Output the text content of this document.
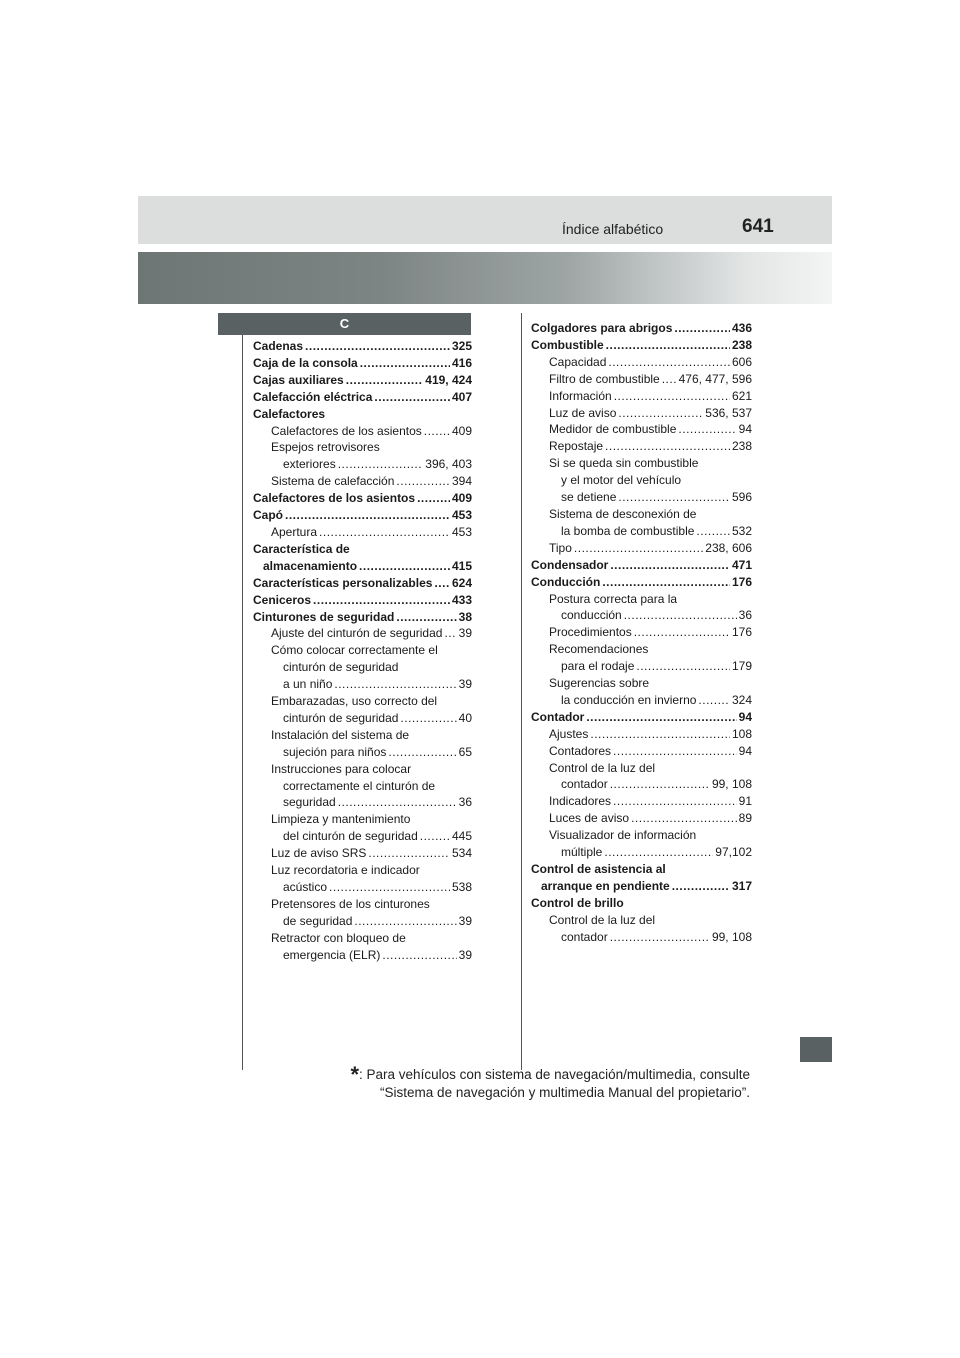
Índice alfabético	641
C
Cadenas .....	325
Caja de la consola .....	416
Cajas auxiliares .....	419, 424
Calefacción eléctrica .....	407
Calefactores
Calefactores de los asientos .....	409
Espejos retrovisores
exteriores .....	396, 403
Sistema de calefacción .....	394
Calefactores de los asientos .....	409
Capó .....	453
Apertura .....	453
Característica de
almacenamiento .....	415
Características personalizables ..... 624
Ceniceros .....	433
Cinturones de seguridad .....	38
Ajuste del cinturón de seguridad ..... 39
Cómo colocar correctamente el
cinturón de seguridad
a un niño .....	39
Embarazadas, uso correcto del
cinturón de seguridad .....	40
Instalación del sistema de
sujeción para niños .....	65
Instrucciones para colocar
correctamente el cinturón de
seguridad .....	36
Limpieza y mantenimiento
del cinturón de seguridad .....	445
Luz de aviso SRS .....	534
Luz recordatoria e indicador
acústico .....	538
Pretensores de los cinturones
de seguridad .....	39
Retractor con bloqueo de
emergencia (ELR) .....	39
Colgadores para abrigos .....	436
Combustible .....	238
Capacidad .....	606
Filtro de combustible ..... 476, 477, 596
Información .....	621
Luz de aviso .....	536, 537
Medidor de combustible .....	94
Repostaje .....	238
Si se queda sin combustible
y el motor del vehículo
se detiene .....	596
Sistema de desconexión de
la bomba de combustible .....	532
Tipo .....	238, 606
Condensador .....	471
Conducción .....	176
Postura correcta para la
conducción .....	36
Procedimientos .....	176
Recomendaciones
para el rodaje .....	179
Sugerencias sobre
la conducción en invierno .....	324
Contador .....	94
Ajustes .....	108
Contadores .....	94
Control de la luz del
contador .....	99, 108
Indicadores .....	91
Luces de aviso .....	89
Visualizador de información
múltiple .....	97,102
Control de asistencia al
arranque en pendiente .....	317
Control de brillo
Control de la luz del
contador .....	99, 108
*: Para vehículos con sistema de navegación/multimedia, consulte
“Sistema de navegación y multimedia Manual del propietario”.
